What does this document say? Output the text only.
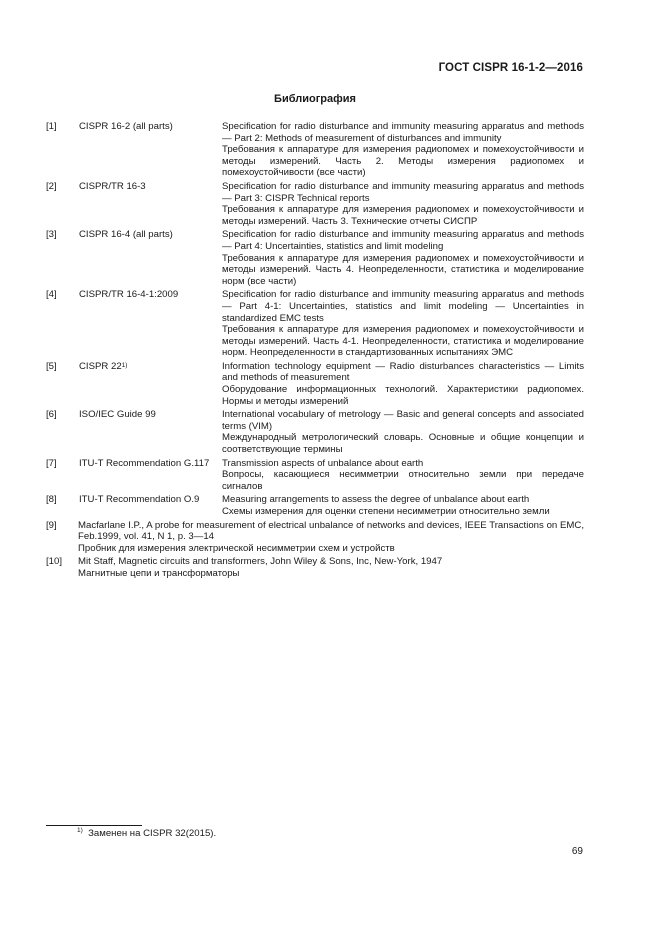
ГОСТ CISPR 16-1-2—2016
Библиография
[1]	CISPR 16-2 (all parts)	Specification for radio disturbance and immunity measuring apparatus and methods — Part 2: Methods of measurement of disturbances and immunity

Требования к аппаратуре для измерения радиопомех и помехоустойчивости и методы измерений. Часть 2. Методы измерения радиопомех и помехоустойчивости (все части)

[2]	CISPR/TR 16-3	Specification for radio disturbance and immunity measuring apparatus and methods — Part 3: CISPR Technical reports

Требования к аппаратуре для измерения радиопомех и помехоустойчивости и методы измерений. Часть 3. Технические отчеты СИСПР

[3]	CISPR 16-4 (all parts)	Specification for radio disturbance and immunity measuring apparatus and methods — Part 4: Uncertainties, statistics and limit modeling

Требования к аппаратуре для измерения радиопомех и помехоустойчивости и методы измерений. Часть 4. Неопределенности, статистика и моделирование норм (все части)

[4]	CISPR/TR 16-4-1:2009	Specification for radio disturbance and immunity measuring apparatus and methods — Part 4-1: Uncertainties, statistics and limit modeling — Uncertainties in standardized EMC tests

Требования к аппаратуре для измерения радиопомех и помехоустойчивости и методы измерений. Часть 4-1. Неопределенности, статистика и моделирование норм. Неопределенности в стандартизованных испытаниях ЭМС

[5]	CISPR 22$^{1)}$	Information technology equipment — Radio disturbances characteristics — Limits and methods of measurement

Оборудование информационных технологий. Характеристики радиопомех. Нормы и методы измерений

[6]	ISO/IEC Guide 99	International vocabulary of metrology — Basic and general concepts and associated terms (VIM)

Международный метрологический словарь. Основные и общие концепции и соответствующие термины

[7]	ITU-T Recommendation G.117	Transmission aspects of unbalance about earth

Вопросы, касающиеся несимметрии относительно земли при передаче сигналов

[8]	ITU-T Recommendation O.9	Measuring arrangements to assess the degree of unbalance about earth

Схемы измерения для оценки степени несимметрии относительно земли

[9]	Macfarlane I.P., A probe for measurement of electrical unbalance of networks and devices, IEEE Transactions on EMC, Feb.1999, vol. 41, N 1, p. 3—14

Пробник для измерения электрической несимметрии схем и устройств

[10]	Mit Staff, Magnetic circuits and transformers, John Wiley & Sons, Inc, New-York, 1947

Магнитные цепи и трансформаторы

$^{1)}$ Заменен на CISPR 32(2015).
69
